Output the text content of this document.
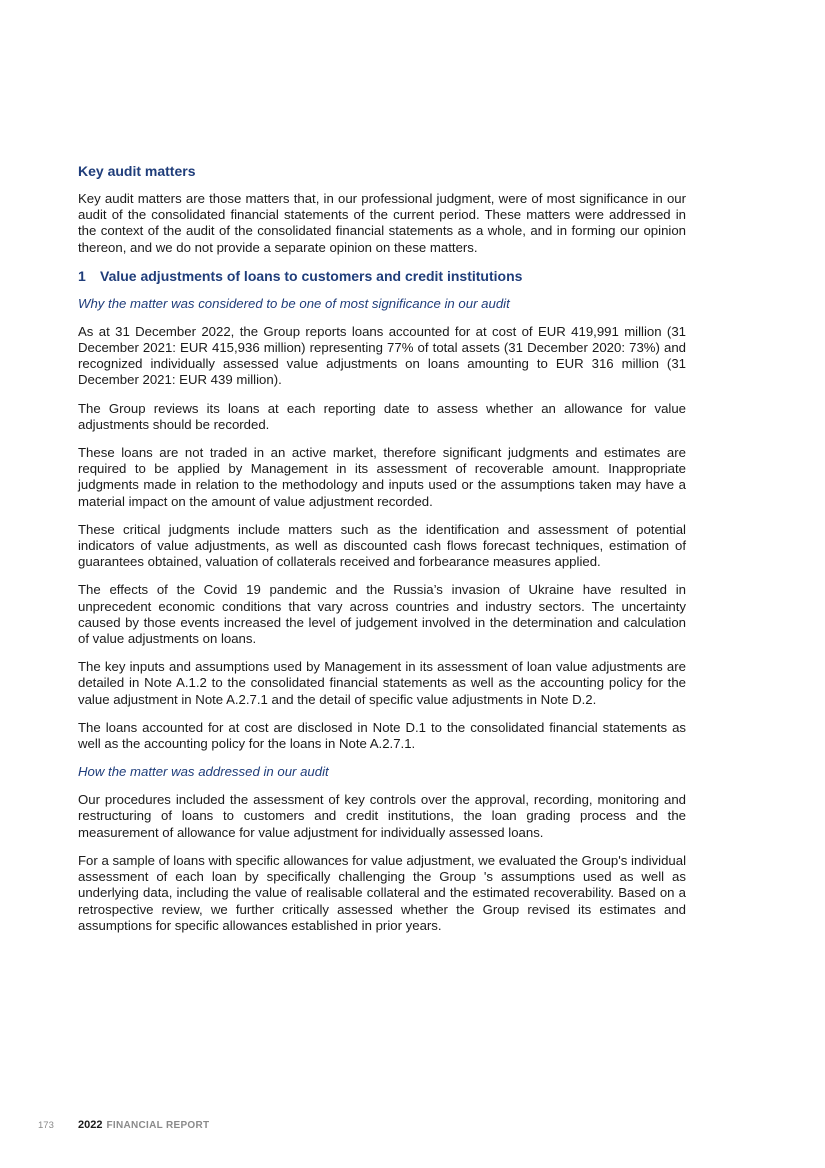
Key audit matters

Key audit matters are those matters that, in our professional judgment, were of most significance in our audit of the consolidated financial statements of the current period. These matters were addressed in the context of the audit of the consolidated financial statements as a whole, and in forming our opinion thereon, and we do not provide a separate opinion on these matters.

1 Value adjustments of loans to customers and credit institutions
Why the matter was considered to be one of most significance in our audit

As at 31 December 2022, the Group reports loans accounted for at cost of EUR 419,991 million (31 December 2021: EUR 415,936 million) representing 77% of total assets (31 December 2020: 73%) and recognized individually assessed value adjustments on loans amounting to EUR 316 million (31 December 2021: EUR 439 million).

The Group reviews its loans at each reporting date to assess whether an allowance for value adjustments should be recorded.

These loans are not traded in an active market, therefore significant judgments and estimates are required to be applied by Management in its assessment of recoverable amount. Inappropriate judgments made in relation to the methodology and inputs used or the assumptions taken may have a material impact on the amount of value adjustment recorded.

These critical judgments include matters such as the identification and assessment of potential indicators of value adjustments, as well as discounted cash flows forecast techniques, estimation of guarantees obtained, valuation of collaterals received and forbearance measures applied.

The effects of the Covid 19 pandemic and the Russia’s invasion of Ukraine have resulted in unprecedent economic conditions that vary across countries and industry sectors. The uncertainty caused by those events increased the level of judgement involved in the determination and calculation of value adjustments on loans.

The key inputs and assumptions used by Management in its assessment of loan value adjustments are detailed in Note A.1.2 to the consolidated financial statements as well as the accounting policy for the value adjustment in Note A.2.7.1 and the detail of specific value adjustments in Note D.2.

The loans accounted for at cost are disclosed in Note D.1 to the consolidated financial statements as well as the accounting policy for the loans in Note A.2.7.1.

How the matter was addressed in our audit

Our procedures included the assessment of key controls over the approval, recording, monitoring and restructuring of loans to customers and credit institutions, the loan grading process and the measurement of allowance for value adjustment for individually assessed loans.

For a sample of loans with specific allowances for value adjustment, we evaluated the Group's individual assessment of each loan by specifically challenging the Group 's assumptions used as well as underlying data, including the value of realisable collateral and the estimated recoverability. Based on a retrospective review, we further critically assessed whether the Group revised its estimates and assumptions for specific allowances established in prior years.

173	2022 FINANCIAL REPORT
